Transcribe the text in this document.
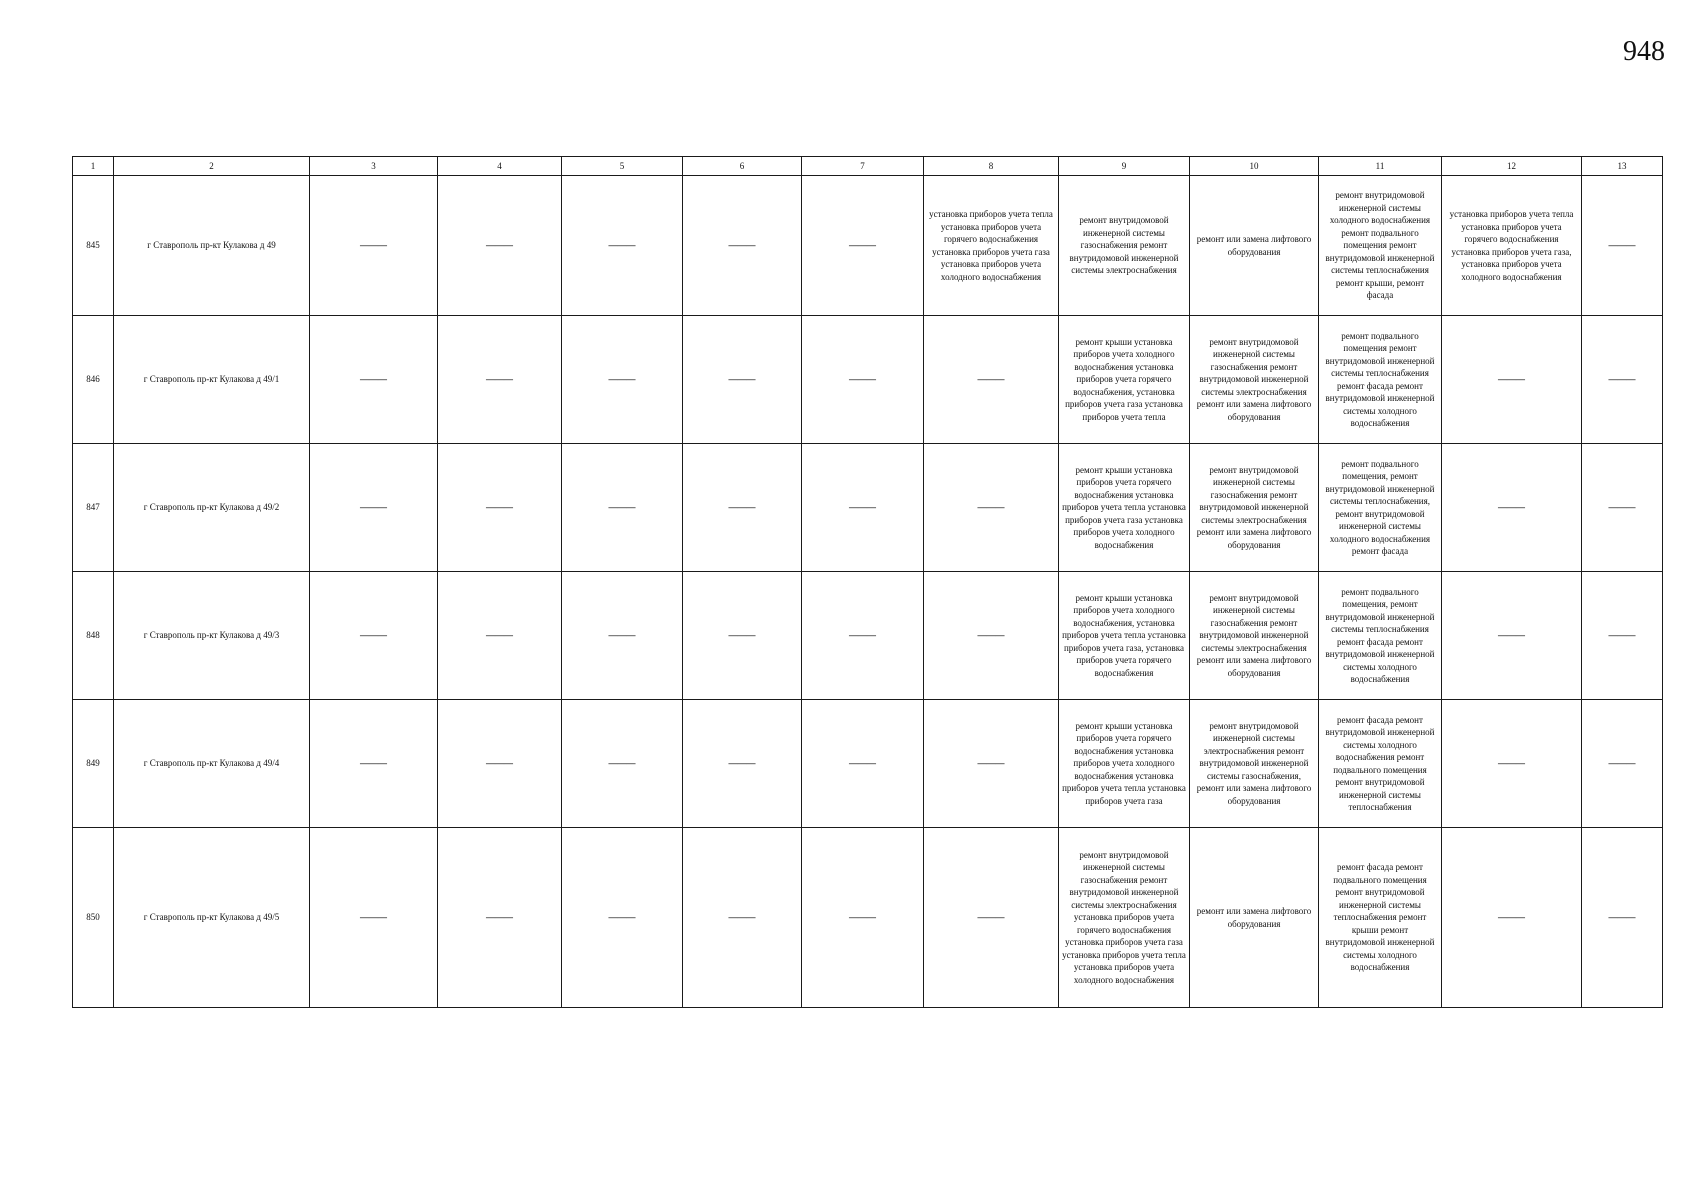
948
1	2	3	4	5	6	7	8	9	10	11	12	13
845	г Ставрополь пр-кт Кулакова д 49	———	———	———	———	———	установка приборов учета тепла установка приборов учета горячего водоснабжения установка приборов учета газа установка приборов учета холодного водоснабжения	ремонт внутридомовой инженерной системы газоснабжения ремонт внутридомовой инженерной системы электроснабжения	ремонт или замена лифтового оборудования	ремонт внутридомовой инженерной системы холодного водоснабжения ремонт подвального помещения ремонт внутридомовой инженерной системы теплоснабжения ремонт крыши, ремонт фасада	установка приборов учета тепла установка приборов учета горячего водоснабжения установка приборов учета газа, установка приборов учета холодного водоснабжения	———
846	г Ставрополь пр-кт Кулакова д 49/1	———	———	———	———	———	———	ремонт крыши установка приборов учета холодного водоснабжения установка приборов учета горячего водоснабжения, установка приборов учета газа установка приборов учета тепла	ремонт внутридомовой инженерной системы газоснабжения ремонт внутридомовой инженерной системы электроснабжения ремонт или замена лифтового оборудования	ремонт подвального помещения ремонт внутридомовой инженерной системы теплоснабжения ремонт фасада ремонт внутридомовой инженерной системы холодного водоснабжения	———	———
847	г Ставрополь пр-кт Кулакова д 49/2	———	———	———	———	———	———	ремонт крыши установка приборов учета горячего водоснабжения установка приборов учета тепла установка приборов учета газа установка приборов учета холодного водоснабжения	ремонт внутридомовой инженерной системы газоснабжения ремонт внутридомовой инженерной системы электроснабжения ремонт или замена лифтового оборудования	ремонт подвального помещения, ремонт внутридомовой инженерной системы теплоснабжения, ремонт внутридомовой инженерной системы холодного водоснабжения ремонт фасада	———	———
848	г Ставрополь пр-кт Кулакова д 49/3	———	———	———	———	———	———	ремонт крыши установка приборов учета холодного водоснабжения, установка приборов учета тепла установка приборов учета газа, установка приборов учета горячего водоснабжения	ремонт внутридомовой инженерной системы газоснабжения ремонт внутридомовой инженерной системы электроснабжения ремонт или замена лифтового оборудования	ремонт подвального помещения, ремонт внутридомовой инженерной системы теплоснабжения ремонт фасада ремонт внутридомовой инженерной системы холодного водоснабжения	———	———
849	г Ставрополь пр-кт Кулакова д 49/4	———	———	———	———	———	———	ремонт крыши установка приборов учета горячего водоснабжения установка приборов учета холодного водоснабжения установка приборов учета тепла установка приборов учета газа	ремонт внутридомовой инженерной системы электроснабжения ремонт внутридомовой инженерной системы газоснабжения, ремонт или замена лифтового оборудования	ремонт фасада ремонт внутридомовой инженерной системы холодного водоснабжения ремонт подвального помещения ремонт внутридомовой инженерной системы теплоснабжения	———	———
850	г Ставрополь пр-кт Кулакова д 49/5	———	———	———	———	———	———	ремонт внутридомовой инженерной системы газоснабжения ремонт внутридомовой инженерной системы электроснабжения установка приборов учета горячего водоснабжения установка приборов учета газа установка приборов учета тепла установка приборов учета холодного водоснабжения	ремонт или замена лифтового оборудования	ремонт фасада ремонт подвального помещения ремонт внутридомовой инженерной системы теплоснабжения ремонт крыши ремонт внутридомовой инженерной системы холодного водоснабжения	———	———
